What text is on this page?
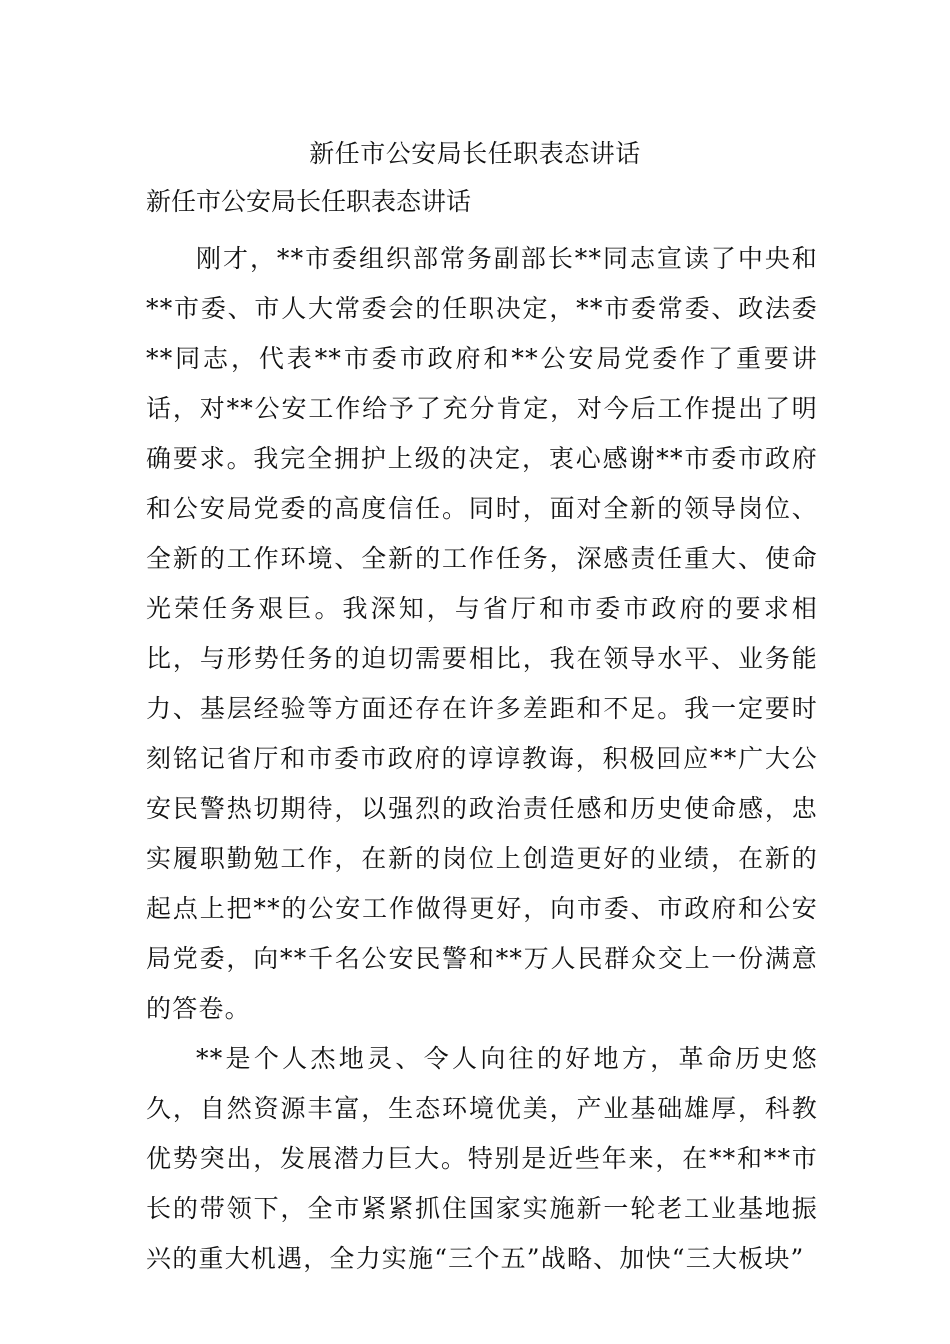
新任市公安局长任职表态讲话
新任市公安局长任职表态讲话

刚才，**市委组织部常务副部长**同志宣读了中央和**市委、市人大常委会的任职决定，**市委常委、政法委**同志，代表**市委市政府和**公安局党委作了重要讲话，对**公安工作给予了充分肯定，对今后工作提出了明确要求。我完全拥护上级的决定，衷心感谢**市委市政府和公安局党委的高度信任。同时，面对全新的领导岗位、全新的工作环境、全新的工作任务，深感责任重大、使命光荣任务艰巨。我深知，与省厅和市委市政府的要求相比，与形势任务的迫切需要相比，我在领导水平、业务能力、基层经验等方面还存在许多差距和不足。我一定要时刻铭记省厅和市委市政府的谆谆教诲，积极回应**广大公安民警热切期待，以强烈的政治责任感和历史使命感，忠实履职勤勉工作，在新的岗位上创造更好的业绩，在新的起点上把**的公安工作做得更好，向市委、市政府和公安局党委，向**千名公安民警和**万人民群众交上一份满意的答卷。

**是个人杰地灵、令人向往的好地方，革命历史悠久，自然资源丰富，生态环境优美，产业基础雄厚，科教优势突出，发展潜力巨大。特别是近些年来，在**和**市长的带领下，全市紧紧抓住国家实施新一轮老工业基地振兴的重大机遇，全力实施“三个五”战略、加快“三大板块”
